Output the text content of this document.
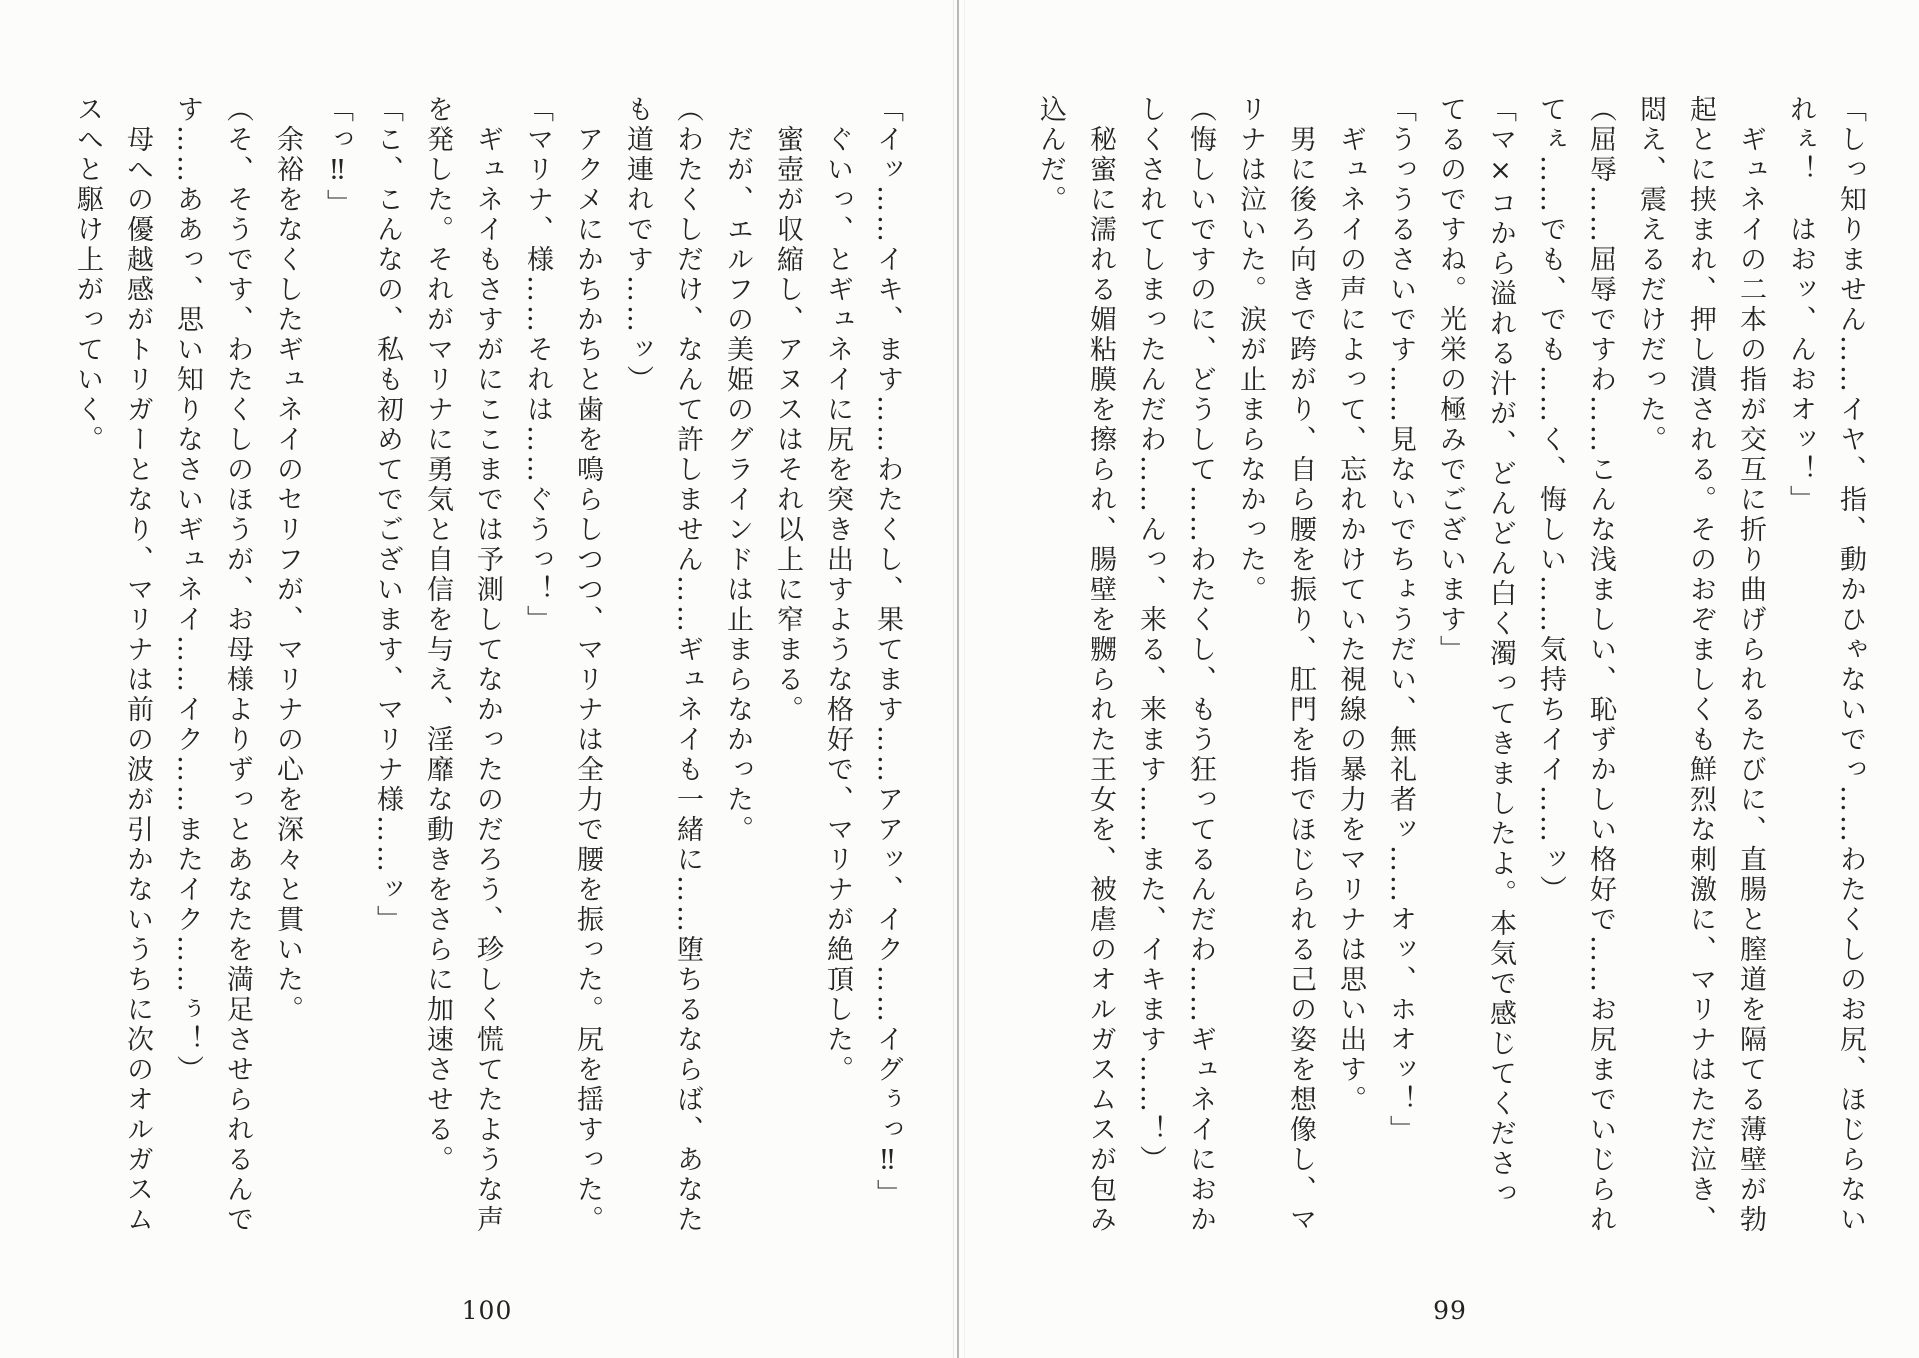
「しっ知りません……イヤ、指、動かひゃないでっ……わたくしのお尻、ほじらないれぇ！　はおッ、んおオッ！」

　ギュネイの二本の指が交互に折り曲げられるたびに、直腸と膣道を隔てる薄壁が勃起とに挟まれ、押し潰される。そのおぞましくも鮮烈な刺激に、マリナはただ泣き、悶え、震えるだけだった。

（屈辱……屈辱ですわ……こんな浅ましい、恥ずかしい格好で……お尻までいじられてぇ……でも、でも……く、悔しい……気持ちイイ……ッ）

「マ×コから溢れる汁が、どんどん白く濁ってきましたよ。本気で感じてくださってるのですね。光栄の極みでございます」

「うっうるさいです……見ないでちょうだい、無礼者ッ……オッ、ホオッ！」

　ギュネイの声によって、忘れかけていた視線の暴力をマリナは思い出す。

　男に後ろ向きで跨がり、自ら腰を振り、肛門を指でほじられる己の姿を想像し、マリナは泣いた。涙が止まらなかった。

（悔しいですのに、どうして……わたくし、もう狂ってるんだわ……ギュネイにおかしくされてしまったんだわ……んっ、来る、来ます……また、イキます……！）

　秘蜜に濡れる媚粘膜を擦られ、腸壁を嬲られた王女を、被虐のオルガスムスが包み込んだ。

「イッ……イキ、ます……わたくし、果てます……アアッ、イク……イグぅっ‼」

　ぐいっ、とギュネイに尻を突き出すような格好で、マリナが絶頂した。

　蜜壺が収縮し、アヌスはそれ以上に窄まる。

　だが、エルフの美姫のグラインドは止まらなかった。

（わたくしだけ、なんて許しません……ギュネイも一緒に……堕ちるならば、あなたも道連れです……ッ）

　アクメにかちかちと歯を鳴らしつつ、マリナは全力で腰を振った。尻を揺すった。

「マリナ、様……それは……ぐうっ！」

　ギュネイもさすがにここまでは予測してなかったのだろう、珍しく慌てたような声を発した。それがマリナに勇気と自信を与え、淫靡な動きをさらに加速させる。

「こ、こんなの、私も初めてでございます、マリナ様……ッ」

「っ‼」

　余裕をなくしたギュネイのセリフが、マリナの心を深々と貫いた。

（そ、そうです、わたくしのほうが、お母様よりずっとあなたを満足させられるんです……ああっ、思い知りなさいギュネイ……イク……またイク……ぅ！）

　母への優越感がトリガーとなり、マリナは前の波が引かないうちに次のオルガスムスへと駆け上がっていく。

99
100
